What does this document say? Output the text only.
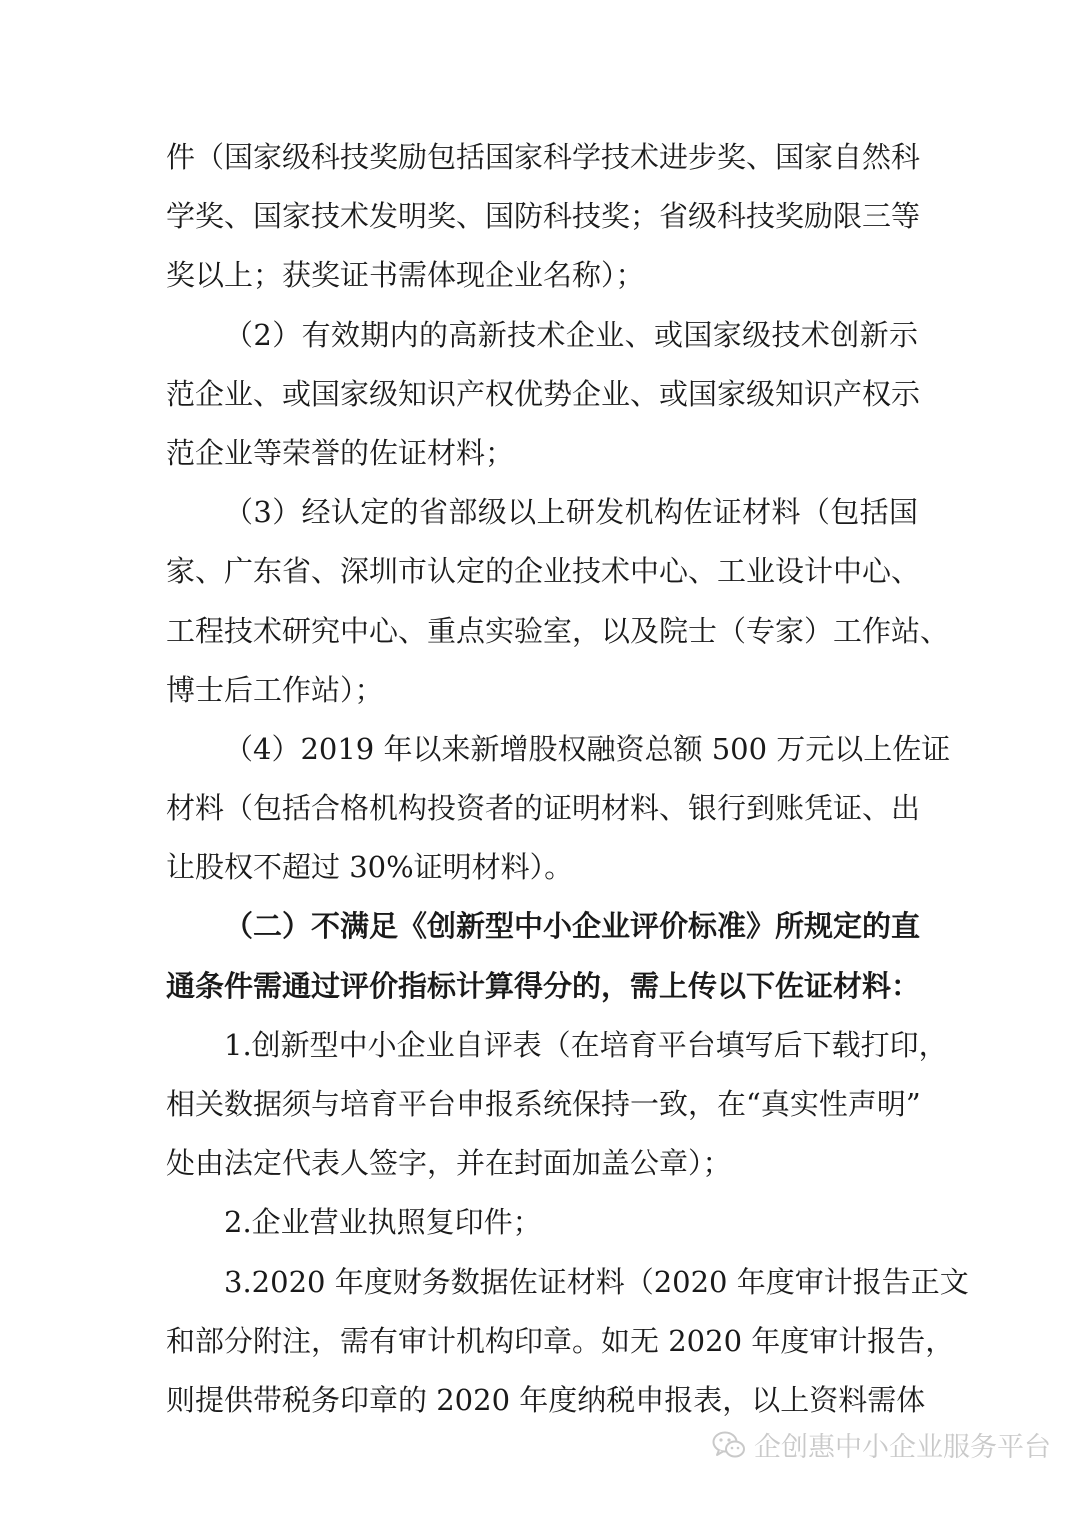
件（国家级科技奖励包括国家科学技术进步奖、国家自然科
学奖、国家技术发明奖、国防科技奖；省级科技奖励限三等
奖以上；获奖证书需体现企业名称）；
（2）有效期内的高新技术企业、或国家级技术创新示
范企业、或国家级知识产权优势企业、或国家级知识产权示
范企业等荣誉的佐证材料；
（3）经认定的省部级以上研发机构佐证材料（包括国
家、广东省、深圳市认定的企业技术中心、工业设计中心、
工程技术研究中心、重点实验室，以及院士（专家）工作站、
博士后工作站）；
（4）2019 年以来新增股权融资总额 500 万元以上佐证
材料（包括合格机构投资者的证明材料、银行到账凭证、出
让股权不超过 30%证明材料）。
（二）不满足《创新型中小企业评价标准》所规定的直
通条件需通过评价指标计算得分的，需上传以下佐证材料：
1.创新型中小企业自评表（在培育平台填写后下载打印，
相关数据须与培育平台申报系统保持一致，在“真实性声明”
处由法定代表人签字，并在封面加盖公章）；
2.企业营业执照复印件；
3.2020 年度财务数据佐证材料（2020 年度审计报告正文
和部分附注，需有审计机构印章。如无 2020 年度审计报告，
则提供带税务印章的 2020 年度纳税申报表，以上资料需体
企创惠中小企业服务平台
